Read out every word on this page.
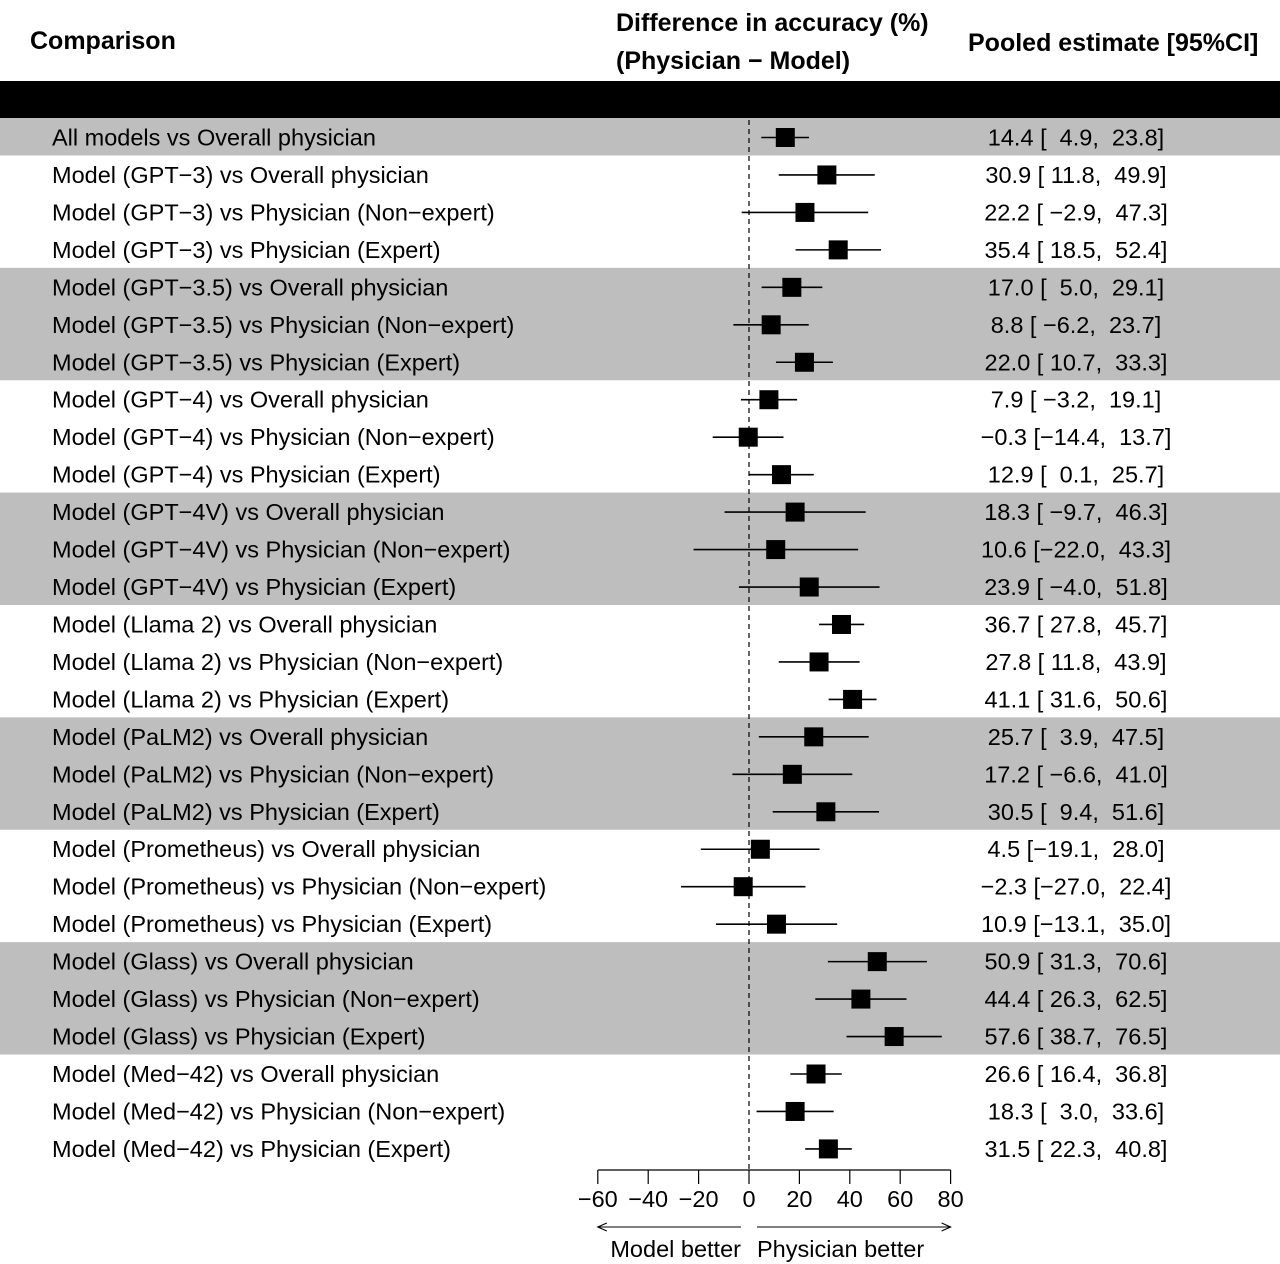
Comparison
Difference in accuracy (%)
(Physician − Model)
Pooled estimate [95%CI]
All models vs Overall physician	14.4 [  4.9,  23.8]
Model (GPT−3) vs Overall physician	30.9 [ 11.8,  49.9]
Model (GPT−3) vs Physician (Non−expert)	22.2 [ −2.9,  47.3]
Model (GPT−3) vs Physician (Expert)	35.4 [ 18.5,  52.4]
Model (GPT−3.5) vs Overall physician	17.0 [  5.0,  29.1]
Model (GPT−3.5) vs Physician (Non−expert)	8.8 [ −6.2,  23.7]
Model (GPT−3.5) vs Physician (Expert)	22.0 [ 10.7,  33.3]
Model (GPT−4) vs Overall physician	7.9 [ −3.2,  19.1]
Model (GPT−4) vs Physician (Non−expert)	−0.3 [−14.4,  13.7]
Model (GPT−4) vs Physician (Expert)	12.9 [  0.1,  25.7]
Model (GPT−4V) vs Overall physician	18.3 [ −9.7,  46.3]
Model (GPT−4V) vs Physician (Non−expert)	10.6 [−22.0,  43.3]
Model (GPT−4V) vs Physician (Expert)	23.9 [ −4.0,  51.8]
Model (Llama 2) vs Overall physician	36.7 [ 27.8,  45.7]
Model (Llama 2) vs Physician (Non−expert)	27.8 [ 11.8,  43.9]
Model (Llama 2) vs Physician (Expert)	41.1 [ 31.6,  50.6]
Model (PaLM2) vs Overall physician	25.7 [  3.9,  47.5]
Model (PaLM2) vs Physician (Non−expert)	17.2 [ −6.6,  41.0]
Model (PaLM2) vs Physician (Expert)	30.5 [  9.4,  51.6]
Model (Prometheus) vs Overall physician	4.5 [−19.1,  28.0]
Model (Prometheus) vs Physician (Non−expert)	−2.3 [−27.0,  22.4]
Model (Prometheus) vs Physician (Expert)	10.9 [−13.1,  35.0]
Model (Glass) vs Overall physician	50.9 [ 31.3,  70.6]
Model (Glass) vs Physician (Non−expert)	44.4 [ 26.3,  62.5]
Model (Glass) vs Physician (Expert)	57.6 [ 38.7,  76.5]
Model (Med−42) vs Overall physician	26.6 [ 16.4,  36.8]
Model (Med−42) vs Physician (Non−expert)	18.3 [  3.0,  33.6]
Model (Med−42) vs Physician (Expert)	31.5 [ 22.3,  40.8]
−60 −40 −20 0 20 40 60 80
Model better Physician better
